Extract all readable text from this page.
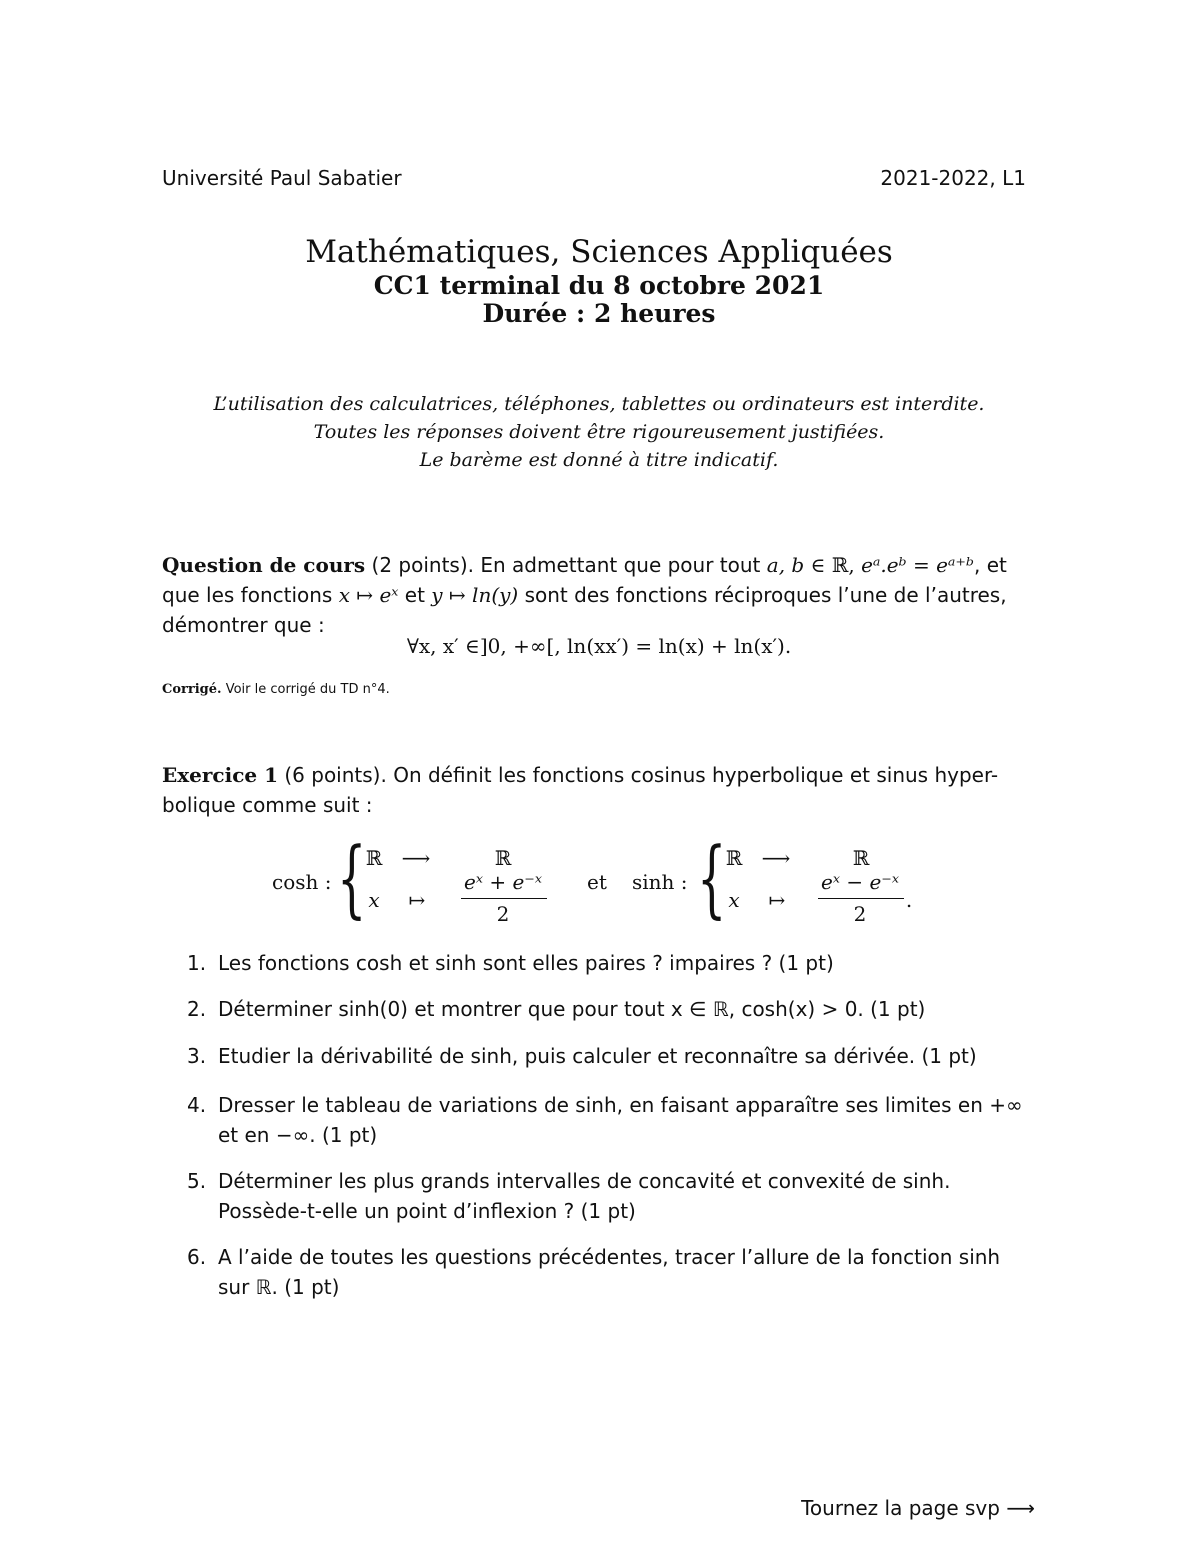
Université Paul Sabatier	2021-2022, L1
Mathématiques, Sciences Appliquées
CC1 terminal du 8 octobre 2021
Durée : 2 heures
L’utilisation des calculatrices, téléphones, tablettes ou ordinateurs est interdite.
Toutes les réponses doivent être rigoureusement justifiées.
Le barème est donné à titre indicatif.
Question de cours (2 points). En admettant que pour tout a, b ∈ ℝ, eᵃ.eᵇ = eᵃ⁺ᵇ, et
que les fonctions x ↦ eˣ et y ↦ ln(y) sont des fonctions réciproques l’une de l’autres,
démontrer que :
∀x, x′ ∈]0, +∞[, ln(xx′) = ln(x) + ln(x′).
Corrigé. Voir le corrigé du TD n°4.
Exercice 1 (6 points). On définit les fonctions cosinus hyperbolique et sinus hyper-
bolique comme suit :
cosh : { ℝ ⟶	ℝ
x	↦
eˣ + e⁻ˣ
2
et sinh : { ℝ ⟶	ℝ
x	↦
eˣ − e⁻ˣ
2
.
1. Les fonctions cosh et sinh sont elles paires ? impaires ? (1 pt)
2. Déterminer sinh(0) et montrer que pour tout x ∈ ℝ, cosh(x) > 0. (1 pt)
3. Etudier la dérivabilité de sinh, puis calculer et reconnaître sa dérivée. (1 pt)
4. Dresser le tableau de variations de sinh, en faisant apparaître ses limites en +∞ et en −∞. (1 pt)
5. Déterminer les plus grands intervalles de concavité et convexité de sinh. Possède-t-elle un point d’inflexion ? (1 pt)
6. A l’aide de toutes les questions précédentes, tracer l’allure de la fonction sinh sur ℝ. (1 pt)
Tournez la page svp ⟶
